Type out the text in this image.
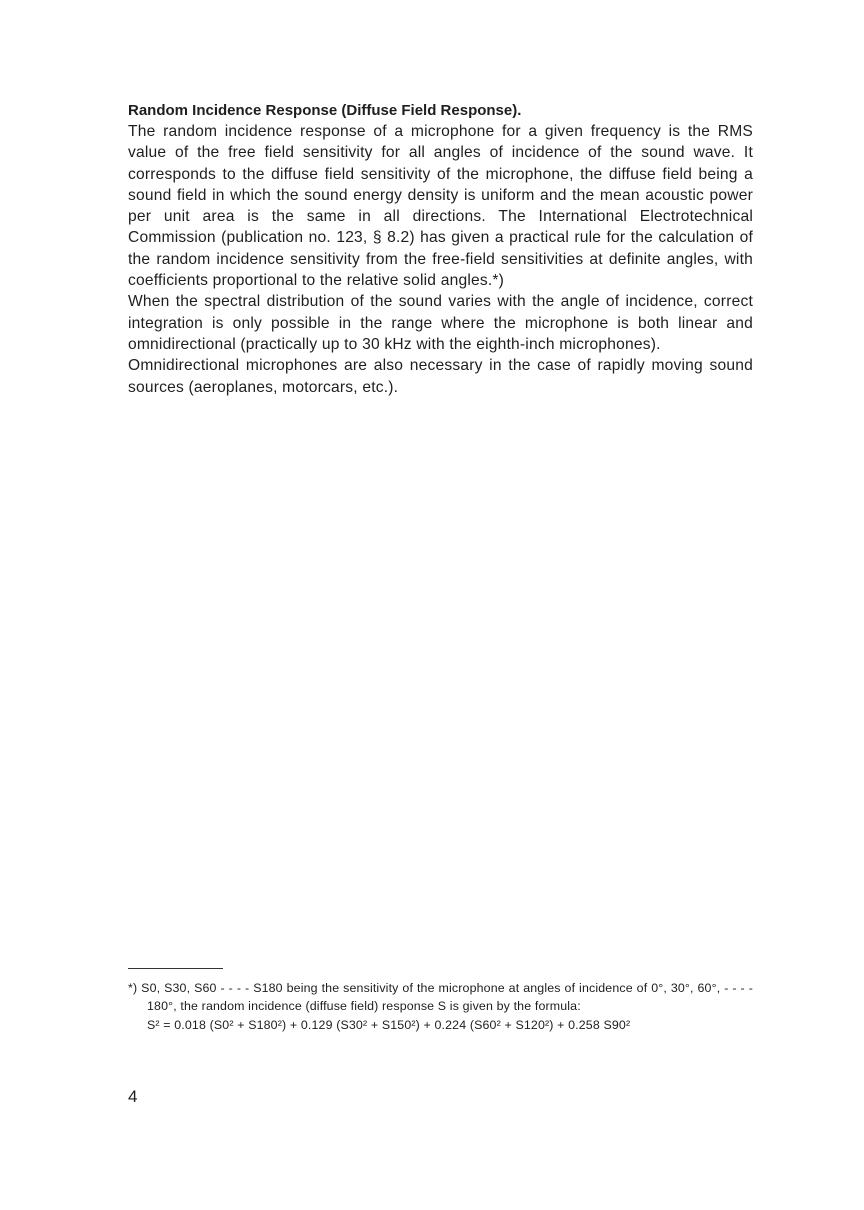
Random Incidence Response (Diffuse Field Response).

The random incidence response of a microphone for a given frequency is the RMS value of the free field sensitivity for all angles of incidence of the sound wave. It corresponds to the diffuse field sensitivity of the microphone, the diffuse field being a sound field in which the sound energy density is uniform and the mean acoustic power per unit area is the same in all directions. The International Electrotechnical Commission (publication no. 123, § 8.2) has given a practical rule for the calculation of the random incidence sensitivity from the free-field sensitivities at definite angles, with coefficients proportional to the relative solid angles.*)

When the spectral distribution of the sound varies with the angle of incidence, correct integration is only possible in the range where the microphone is both linear and omnidirectional (practically up to 30 kHz with the eighth-inch microphones).

Omnidirectional microphones are also necessary in the case of rapidly moving sound sources (aeroplanes, motorcars, etc.).

*) S0, S30, S60 - - - - S180 being the sensitivity of the microphone at angles of incidence of 0°, 30°, 60°, - - - - 180°, the random incidence (diffuse field) response S is given by the formula:

S² = 0.018 (S0² + S180²) + 0.129 (S30² + S150²) + 0.224 (S60² + S120²) + 0.258 S90²

4
